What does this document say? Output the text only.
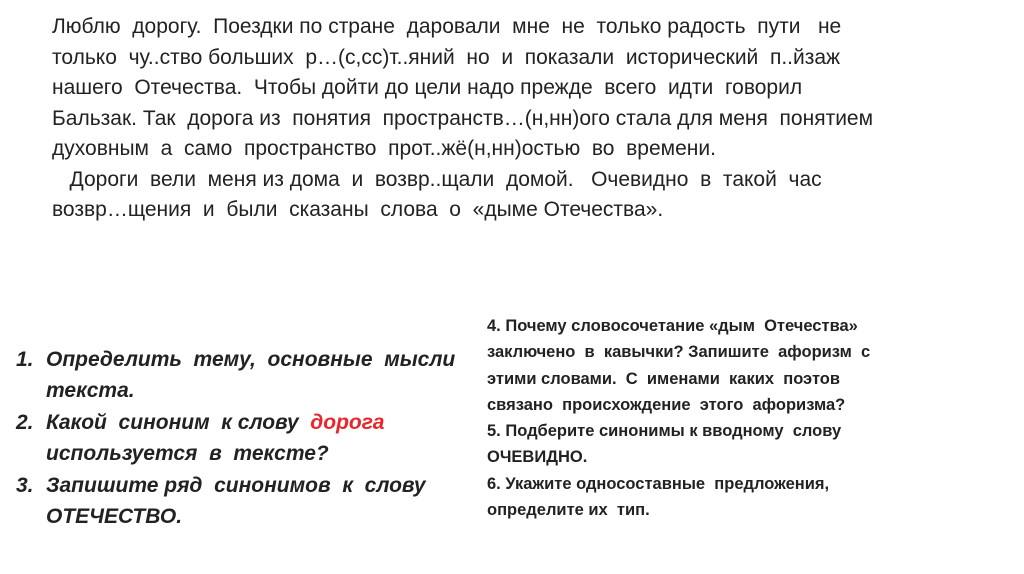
Люблю  дорогу.  Поездки по стране  даровали  мне  не  только радость  пути   не
только  чу..ство больших  р…(с,сс)т..яний  но  и  показали  исторический  п..йзаж
нашего  Отечества.  Чтобы дойти до цели надо прежде  всего  идти  говорил
Бальзак. Так  дорога из  понятия  пространств…(н,нн)ого стала для меня  понятием
духовным  а  само  пространство  прот..жё(н,нн)остью  во  времени.
Дороги  вели  меня из дома  и  возвр..щали  домой.   Очевидно  в  такой  час
возвр…щения  и  были  сказаны  слова  о  «дыме Отечества».
1. Определить  тему,  основные  мысли
текста.
2. Какой  синоним  к слову  дорога
используется  в  тексте?
3. Запишите ряд  синонимов  к  слову
ОТЕЧЕСТВО.
4. Почему словосочетание «дым  Отечества»
заключено  в  кавычки? Запишите  афоризм  с
этими словами.  С  именами  каких  поэтов
связано  происхождение  этого  афоризма?
5. Подберите синонимы к вводному  слову
ОЧЕВИДНО.
6. Укажите односоставные  предложения,
определите их  тип.
